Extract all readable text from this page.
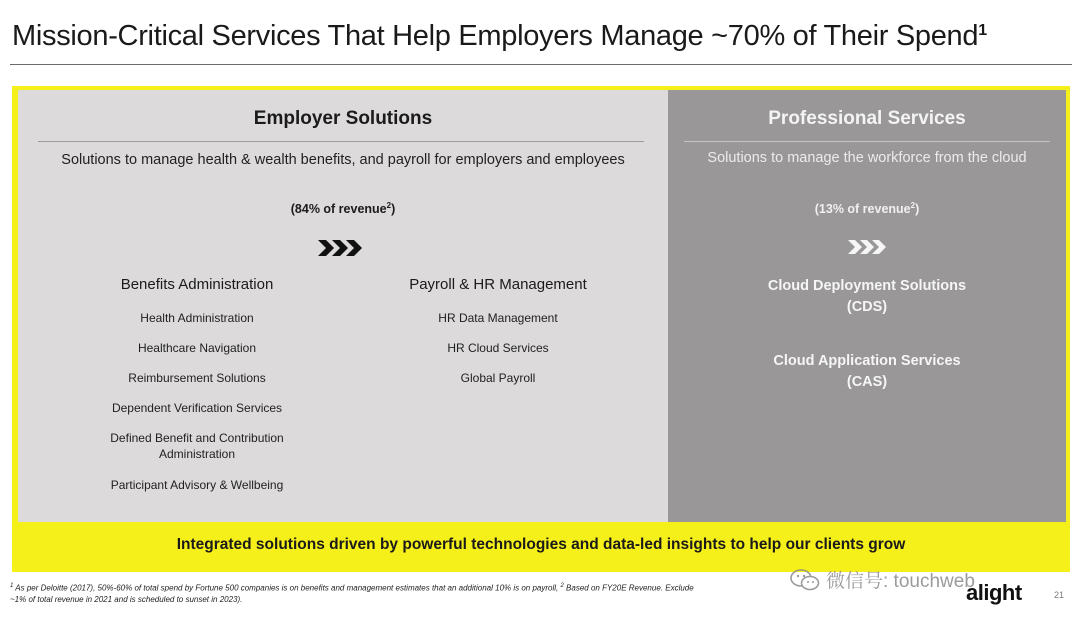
Mission-Critical Services That Help Employers Manage ~70% of Their Spend$^1$
Employer Solutions	Professional Services
Solutions to manage health & wealth benefits, and payroll for employers and employees	Solutions to manage the workforce from the cloud
(84% of revenue$^2$)	(13% of revenue$^2$)
Benefits Administration	Payroll & HR Management
Health Administration
Healthcare Navigation
Reimbursement Solutions
Dependent Verification Services
Defined Benefit and Contribution Administration
Participant Advisory & Wellbeing
HR Data Management
HR Cloud Services
Global Payroll
Cloud Deployment Solutions (CDS)
Cloud Application Services (CAS)
Integrated solutions driven by powerful technologies and data-led insights to help our clients grow
$^1$ As per Deloitte (2017), 50%-60% of total spend by Fortune 500 companies is on benefits and management estimates that an additional 10% is on payroll, $^2$ Based on FY20E Revenue. Exclude
~1% of total revenue in 2021 and is scheduled to sunset in 2023).
微信号: touchweb
alight	21
